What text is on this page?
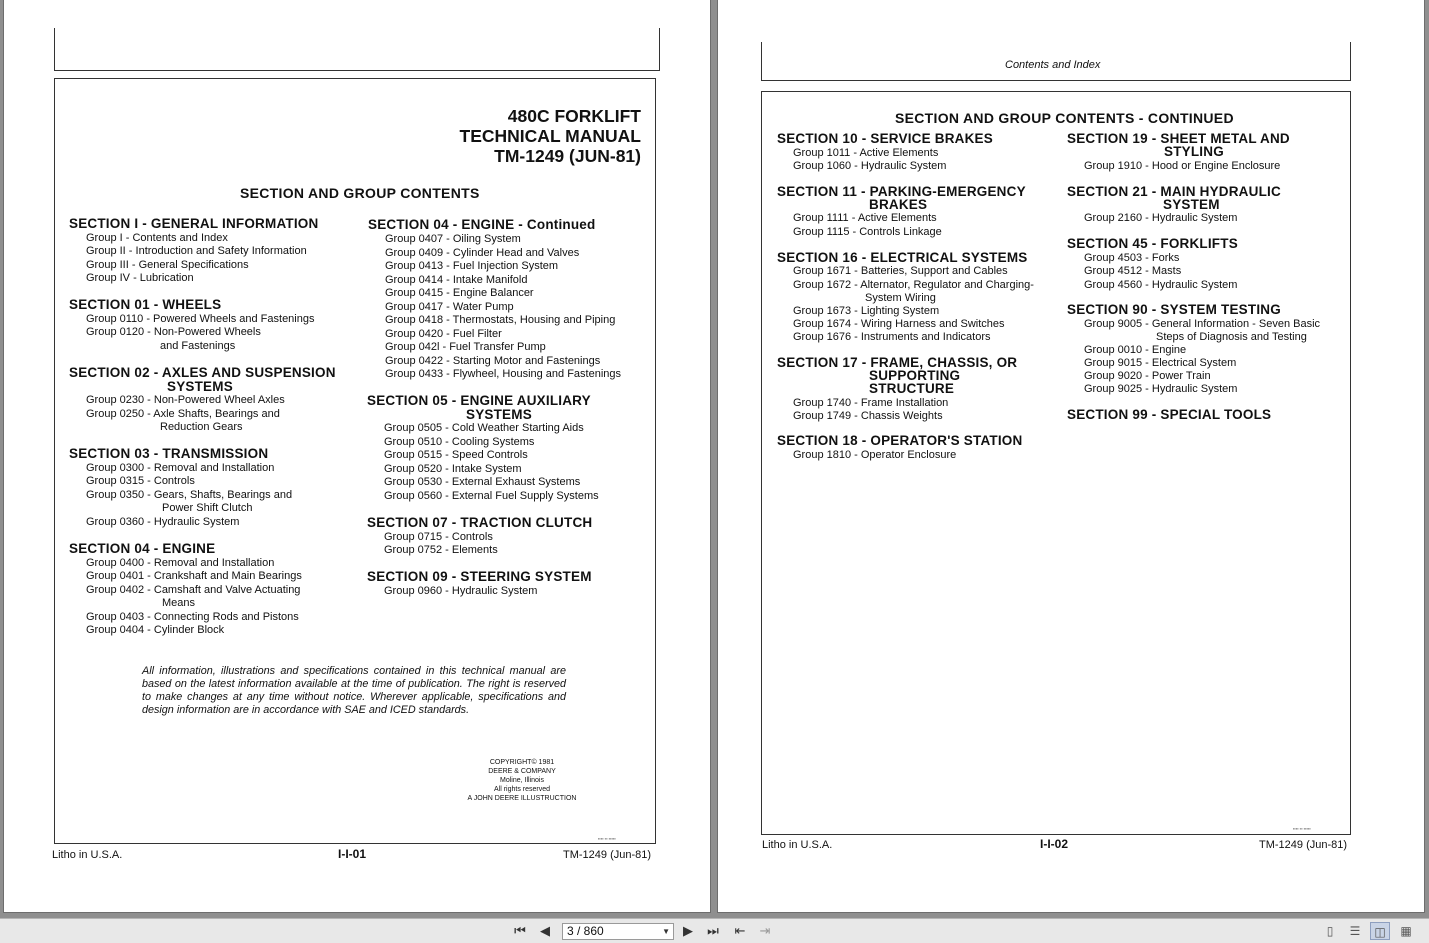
480C FORKLIFT
TECHNICAL MANUAL
TM-1249 (JUN-81)
SECTION AND GROUP CONTENTS
SECTION I - GENERAL INFORMATION
Group I - Contents and Index
Group II - Introduction and Safety Information
Group III - General Specifications
Group IV - Lubrication
SECTION 01 - WHEELS
Group 0110 - Powered Wheels and Fastenings
Group 0120 - Non-Powered Wheels
and Fastenings
SECTION 02 - AXLES AND SUSPENSION
SYSTEMS
Group 0230 - Non-Powered Wheel Axles
Group 0250 - Axle Shafts, Bearings and
Reduction Gears
SECTION 03 - TRANSMISSION
Group 0300 - Removal and Installation
Group 0315 - Controls
Group 0350 - Gears, Shafts, Bearings and
Power Shift Clutch
Group 0360 - Hydraulic System
SECTION 04 - ENGINE
Group 0400 - Removal and Installation
Group 0401 - Crankshaft and Main Bearings
Group 0402 - Camshaft and Valve Actuating
Means
Group 0403 - Connecting Rods and Pistons
Group 0404 - Cylinder Block
SECTION 04 - ENGINE - Continued
Group 0407 - Oiling System
Group 0409 - Cylinder Head and Valves
Group 0413 - Fuel Injection System
Group 0414 - Intake Manifold
Group 0415 - Engine Balancer
Group 0417 - Water Pump
Group 0418 - Thermostats, Housing and Piping
Group 0420 - Fuel Filter
Group 042l - Fuel Transfer Pump
Group 0422 - Starting Motor and Fastenings
Group 0433 - Flywheel, Housing and Fastenings
SECTION 05 - ENGINE AUXILIARY
SYSTEMS
Group 0505 - Cold Weather Starting Aids
Group 0510 - Cooling Systems
Group 0515 - Speed Controls
Group 0520 - Intake System
Group 0530 - External Exhaust Systems
Group 0560 - External Fuel Supply Systems
SECTION 07 - TRACTION CLUTCH
Group 0715 - Controls
Group 0752 - Elements
SECTION 09 - STEERING SYSTEM
Group 0960 - Hydraulic System
All information, illustrations and specifications contained in this technical manual are based on the latest information available at the time of publication. The right is reserved to make changes at any time without notice. Wherever applicable, specifications and design information are in accordance with SAE and ICED standards.
COPYRIGHT© 1981
DEERE & COMPANY
Moline, Illinois
All rights reserved
A JOHN DEERE ILLUSTRUCTION
▪▪▪▪ ▪▪ ▪▪▪▪▪
Litho in U.S.A.	I-I-01	TM-1249 (Jun-81)
Contents and Index
SECTION AND GROUP CONTENTS - CONTINUED
SECTION 10 - SERVICE BRAKES
Group 1011 - Active Elements
Group 1060 - Hydraulic System
SECTION 11 - PARKING-EMERGENCY
BRAKES
Group 1111 - Active Elements
Group 1115 - Controls Linkage
SECTION 16 - ELECTRICAL SYSTEMS
Group 1671 - Batteries, Support and Cables
Group 1672 - Alternator, Regulator and Charging-
System Wiring
Group 1673 - Lighting System
Group 1674 - Wiring Harness and Switches
Group 1676 - Instruments and Indicators
SECTION 17 - FRAME, CHASSIS, OR
SUPPORTING
STRUCTURE
Group 1740 - Frame Installation
Group 1749 - Chassis Weights
SECTION 18 - OPERATOR'S STATION
Group 1810 - Operator Enclosure
SECTION 19 - SHEET METAL AND
STYLING
Group 1910 - Hood or Engine Enclosure
SECTION 21 - MAIN HYDRAULIC
SYSTEM
Group 2160 - Hydraulic System
SECTION 45 - FORKLIFTS
Group 4503 - Forks
Group 4512 - Masts
Group 4560 - Hydraulic System
SECTION 90 - SYSTEM TESTING
Group 9005 - General Information - Seven Basic
Steps of Diagnosis and Testing
Group 0010 - Engine
Group 9015 - Electrical System
Group 9020 - Power Train
Group 9025 - Hydraulic System
SECTION 99 - SPECIAL TOOLS
▪▪▪▪ ▪▪ ▪▪▪▪▪
Litho in U.S.A.	I-I-02	TM-1249 (Jun-81)
⏮	◀	3 / 860	▼	▶	⏭ ⇤ ⇥	▯	☰	◫	▦
